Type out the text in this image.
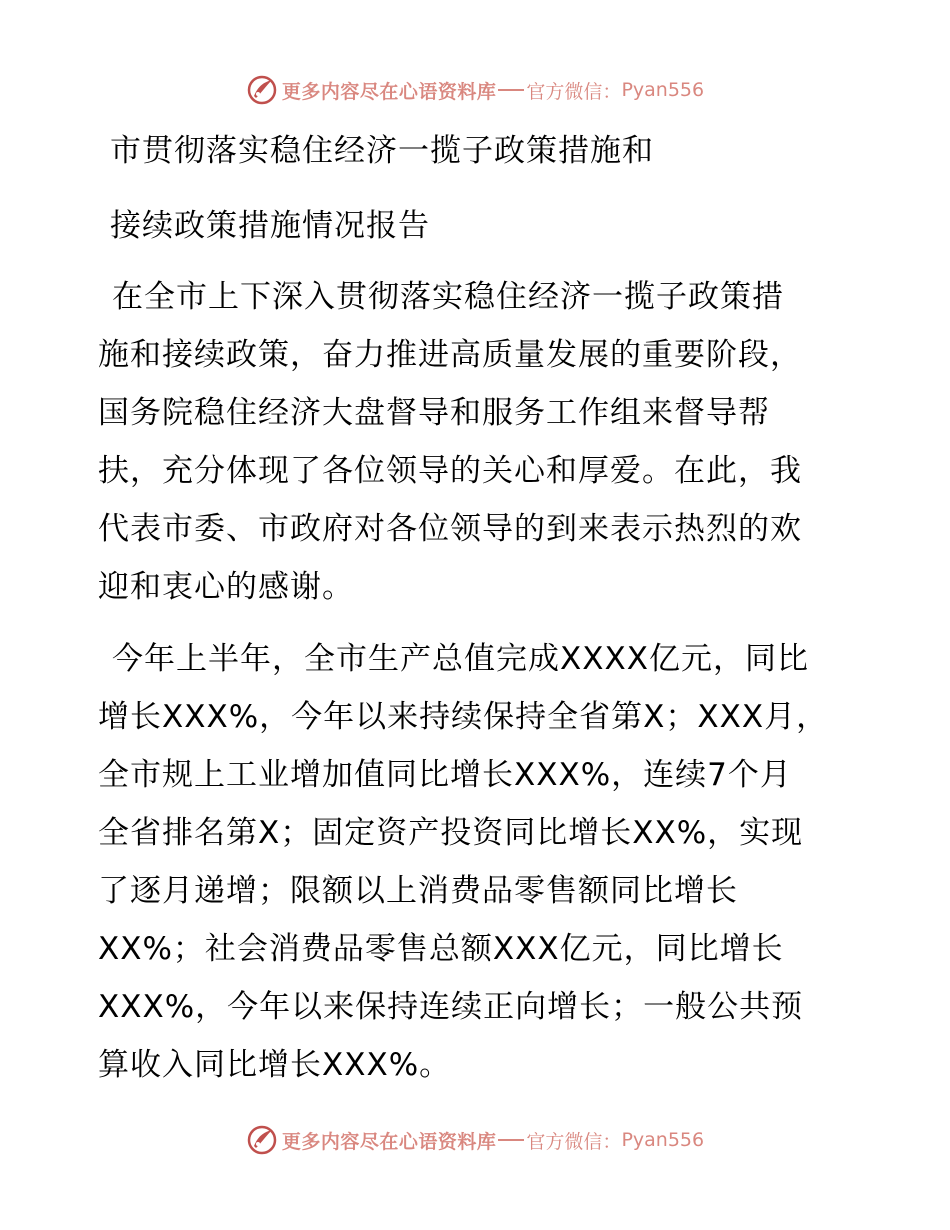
更多内容尽在心语资料库 官方微信： Pyan556
市贯彻落实稳住经济一揽子政策措施和
接续政策措施情况报告
在全市上下深入贯彻落实稳住经济一揽子政策措
施和接续政策，奋力推进高质量发展的重要阶段，
国务院稳住经济大盘督导和服务工作组来督导帮
扶，充分体现了各位领导的关心和厚爱。在此，我
代表市委、市政府对各位领导的到来表示热烈的欢
迎和衷心的感谢。
今年上半年，全市生产总值完成XXXX亿元，同比
增长XXX%，今年以来持续保持全省第X；XXX月，
全市规上工业增加值同比增长XXX%，连续7个月
全省排名第X；固定资产投资同比增长XX%，实现
了逐月递增；限额以上消费品零售额同比增长
XX%；社会消费品零售总额XXX亿元，同比增长
XXX%，今年以来保持连续正向增长；一般公共预
算收入同比增长XXX%。
更多内容尽在心语资料库 官方微信： Pyan556
